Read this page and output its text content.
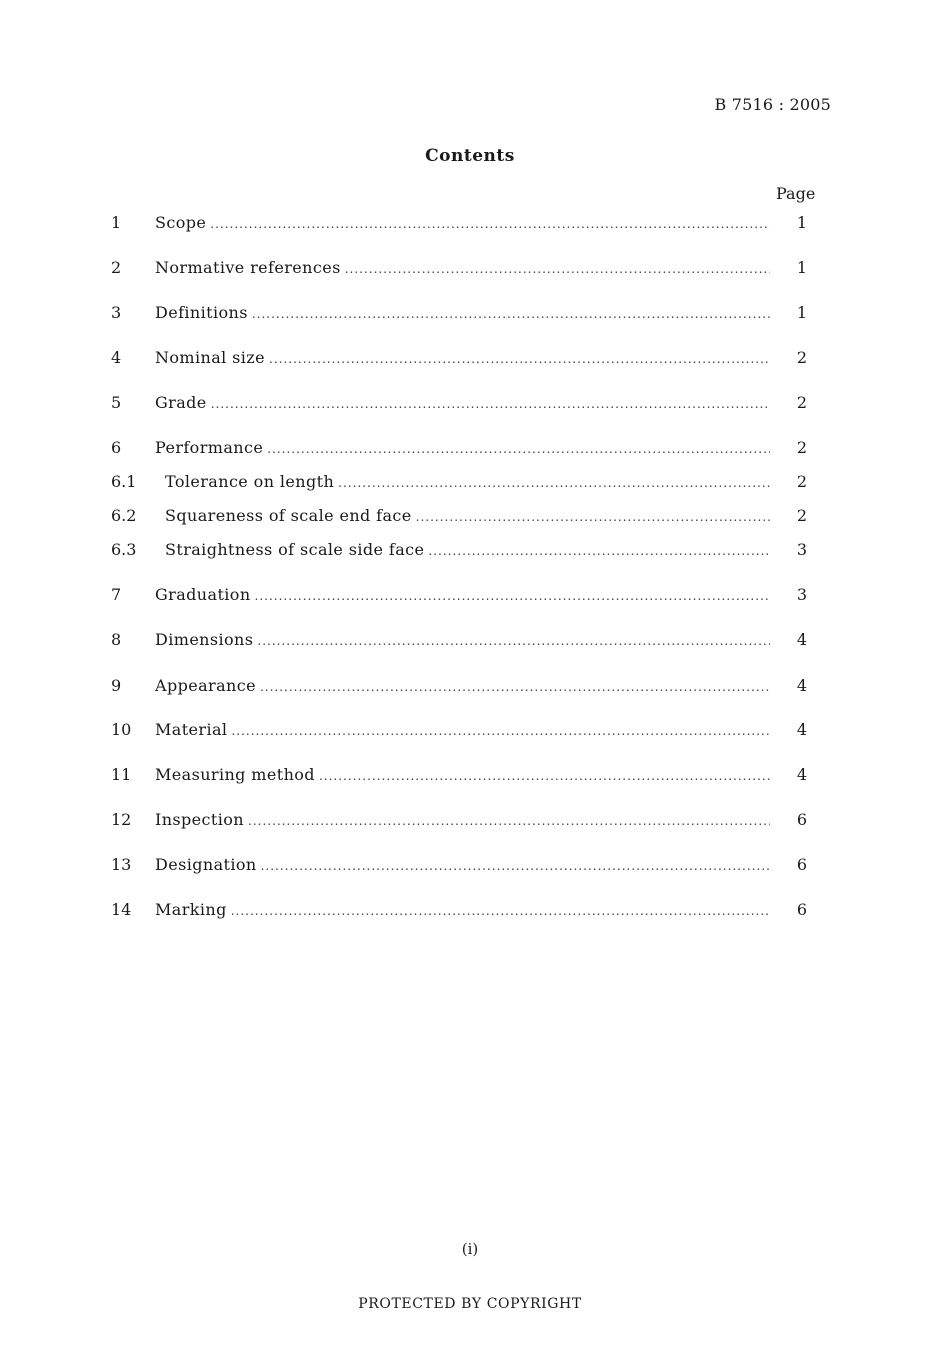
B 7516 : 2005
Contents
Page
1 Scope .....	1
2 Normative references .....	1
3 Definitions .....	1
4 Nominal size .....	2
5 Grade .....	2
6 Performance .....	2
6.1 Tolerance on length .....	2
6.2 Squareness of scale end face .....	2
6.3 Straightness of scale side face .....	3
7 Graduation .....	3
8 Dimensions .....	4
9 Appearance .....	4
10 Material .....	4
11 Measuring method .....	4
12 Inspection .....	6
13 Designation .....	6
14 Marking .....	6
(i)
PROTECTED BY COPYRIGHT
